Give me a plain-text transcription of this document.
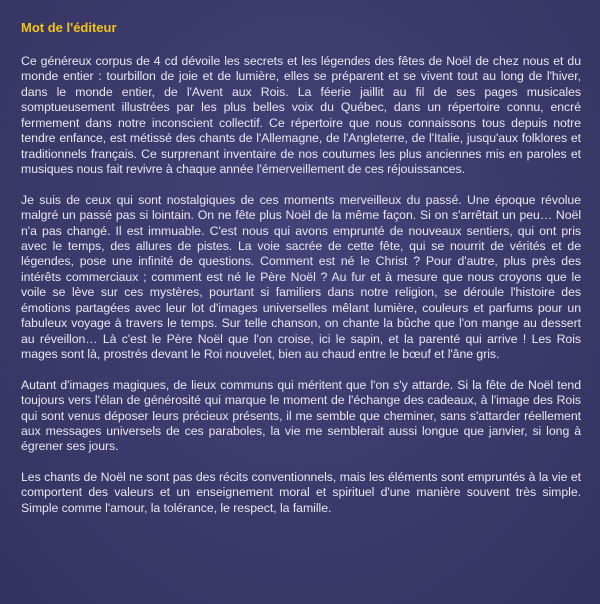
Mot de l'éditeur

Ce généreux corpus de 4 cd dévoile les secrets et les légendes des fêtes de Noël de chez nous et du monde entier : tourbillon de joie et de lumière, elles se préparent et se vivent tout au long de l'hiver, dans le monde entier, de l'Avent aux Rois. La féerie jaillit au fil de ses pages musicales somptueusement illustrées par les plus belles voix du Québec, dans un répertoire connu, encré fermement dans notre inconscient collectif. Ce répertoire que nous connaissons tous depuis notre tendre enfance, est métissé des chants de l'Allemagne, de l'Angleterre, de l'Italie, jusqu'aux folklores et traditionnels français. Ce surprenant inventaire de nos coutumes les plus anciennes mis en paroles et musiques nous fait revivre à chaque année l'émerveillement de ces réjouissances.

Je suis de ceux qui sont nostalgiques de ces moments merveilleux du passé. Une époque révolue malgré un passé pas si lointain. On ne fête plus Noël de la même façon. Si on s'arrêtait un peu… Noël n'a pas changé. Il est immuable. C'est nous qui avons emprunté de nouveaux sentiers, qui ont pris avec le temps, des allures de pistes. La voie sacrée de cette fête, qui se nourrit de vérités et de légendes, pose une infinité de questions. Comment est né le Christ ? Pour d'autre, plus près des intérêts commerciaux ; comment est né le Père Noël ? Au fur et à mesure que nous croyons que le voile se lève sur ces mystères, pourtant si familiers dans notre religion, se déroule l'histoire des émotions partagées avec leur lot d'images universelles mêlant lumière, couleurs et parfums pour un fabuleux voyage à travers le temps. Sur telle chanson, on chante la bûche que l'on mange au dessert au réveillon… Là c'est le Père Noël que l'on croise, ici le sapin, et la parenté qui arrive ! Les Rois mages sont là, prostrés devant le Roi nouvelet, bien au chaud entre le bœuf et l'âne gris.

Autant d'images magiques, de lieux communs qui méritent que l'on s'y attarde. Si la fête de Noël tend toujours vers l'élan de générosité qui marque le moment de l'échange des cadeaux, à l'image des Rois qui sont venus déposer leurs précieux présents, il me semble que cheminer, sans s'attarder réellement aux messages universels de ces paraboles, la vie me semblerait aussi longue que janvier, si long à égrener ses jours.

Les chants de Noël ne sont pas des récits conventionnels, mais les éléments sont empruntés à la vie et comportent des valeurs et un enseignement moral et spirituel d'une manière souvent très simple. Simple comme l'amour, la tolérance, le respect, la famille.
